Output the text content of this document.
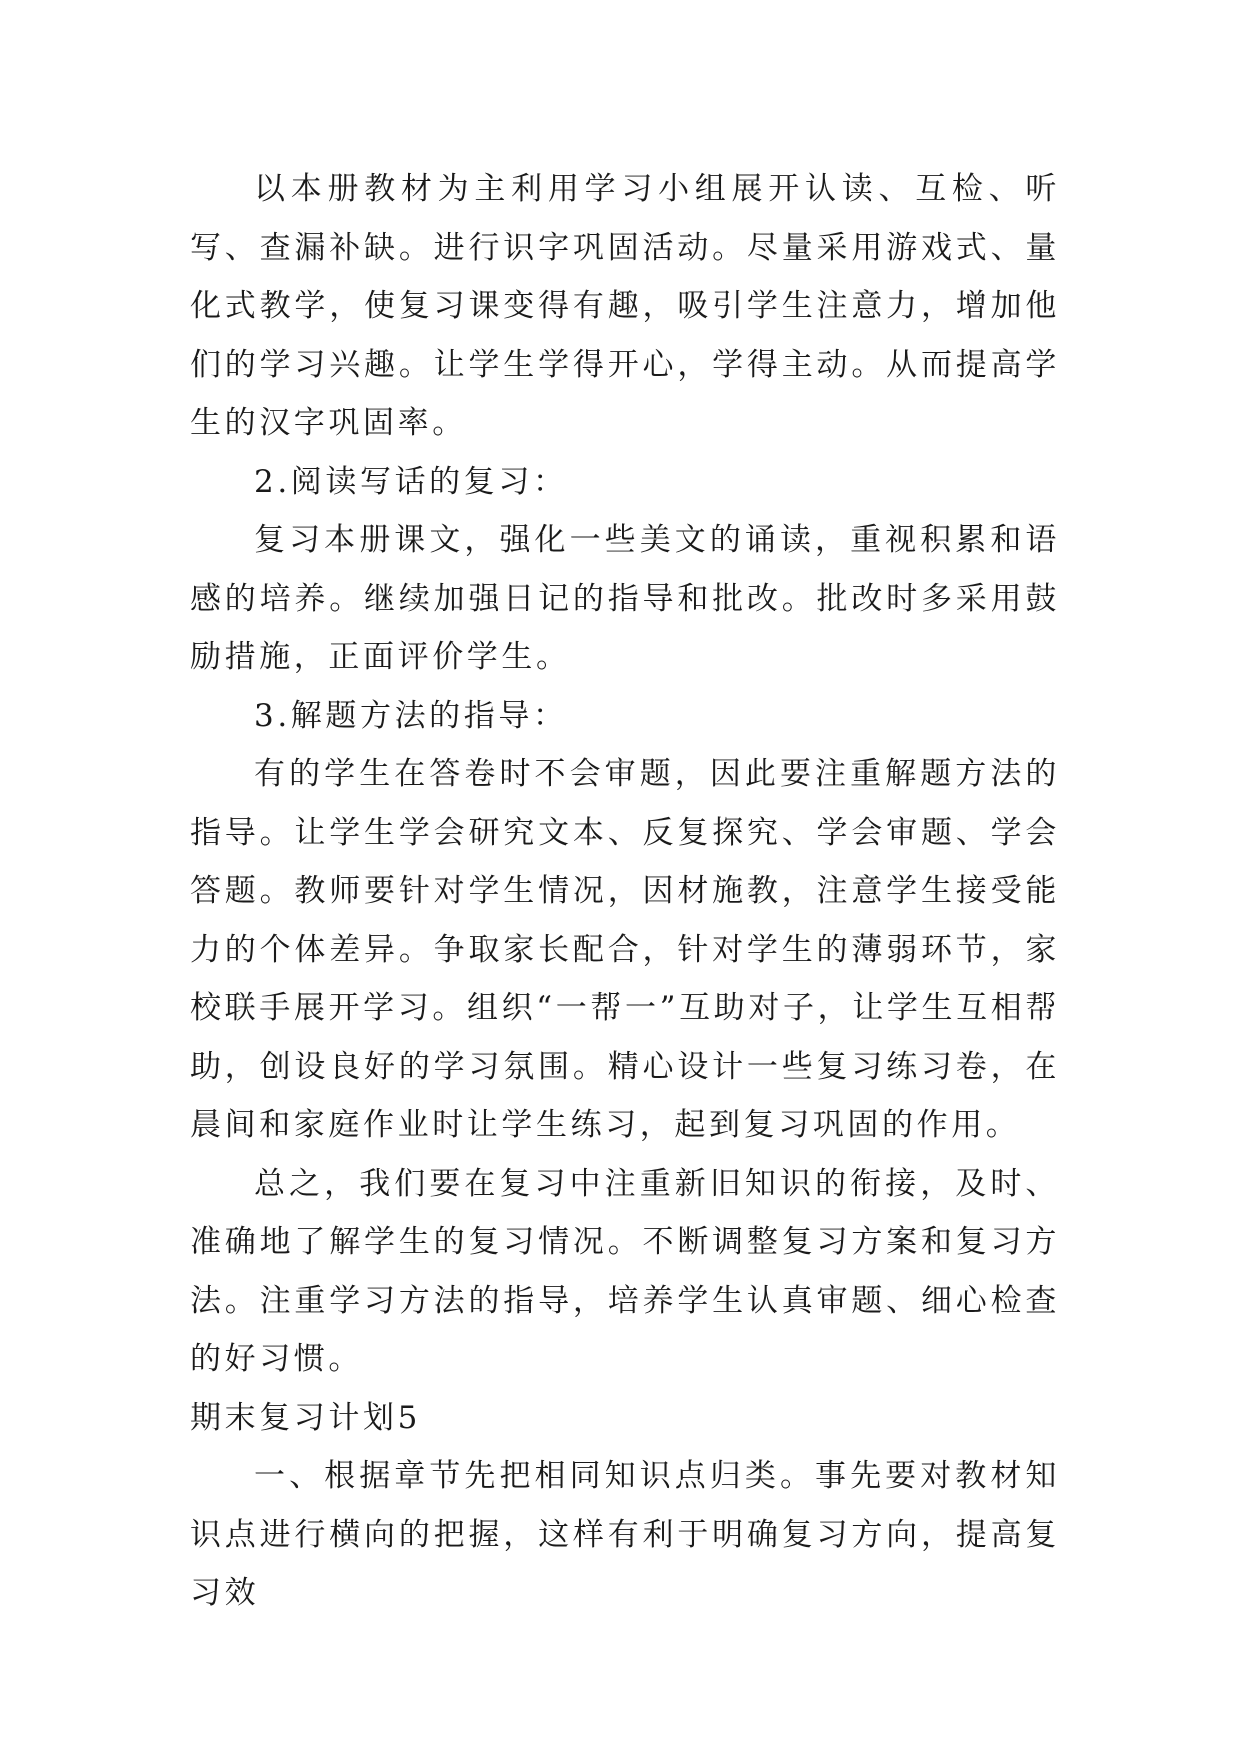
以本册教材为主利用学习小组展开认读、互检、听写、查漏补缺。进行识字巩固活动。尽量采用游戏式、量化式教学，使复习课变得有趣，吸引学生注意力，增加他们的学习兴趣。让学生学得开心，学得主动。从而提高学生的汉字巩固率。

2.阅读写话的复习：

复习本册课文，强化一些美文的诵读，重视积累和语感的培养。继续加强日记的指导和批改。批改时多采用鼓励措施，正面评价学生。

3.解题方法的指导：

有的学生在答卷时不会审题，因此要注重解题方法的指导。让学生学会研究文本、反复探究、学会审题、学会答题。教师要针对学生情况，因材施教，注意学生接受能力的个体差异。争取家长配合，针对学生的薄弱环节，家校联手展开学习。组织“一帮一”互助对子，让学生互相帮助，创设良好的学习氛围。精心设计一些复习练习卷，在晨间和家庭作业时让学生练习，起到复习巩固的作用。

总之，我们要在复习中注重新旧知识的衔接，及时、准确地了解学生的复习情况。不断调整复习方案和复习方法。注重学习方法的指导，培养学生认真审题、细心检查的好习惯。

期末复习计划5

一、根据章节先把相同知识点归类。事先要对教材知识点进行横向的把握，这样有利于明确复习方向，提高复习效
